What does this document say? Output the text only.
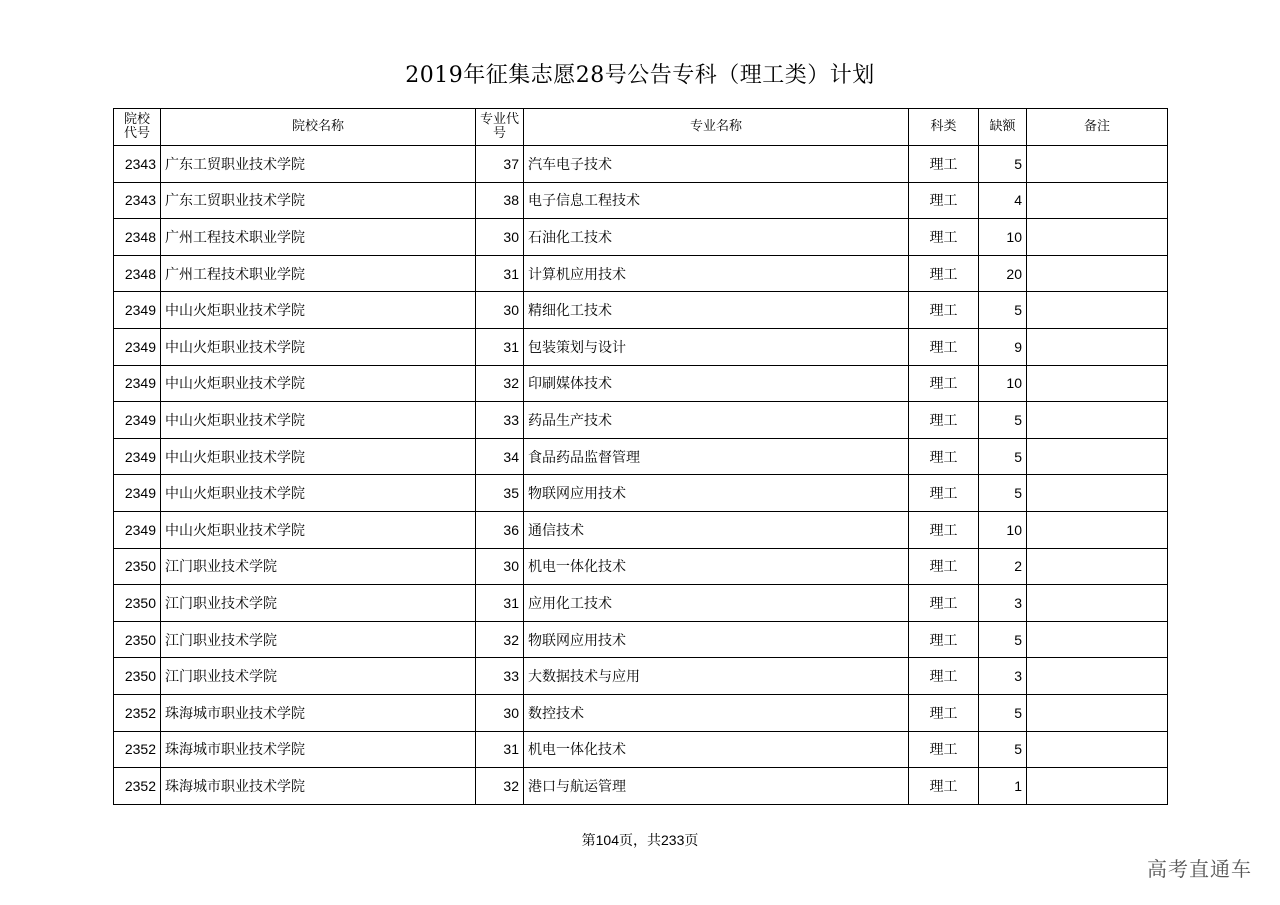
2019年征集志愿28号公告专科（理工类）计划
院校代号	院校名称	专业代号	专业名称	科类	缺额	备注
2343	广东工贸职业技术学院	37	汽车电子技术	理工	5	
2343	广东工贸职业技术学院	38	电子信息工程技术	理工	4	
2348	广州工程技术职业学院	30	石油化工技术	理工	10	
2348	广州工程技术职业学院	31	计算机应用技术	理工	20	
2349	中山火炬职业技术学院	30	精细化工技术	理工	5	
2349	中山火炬职业技术学院	31	包装策划与设计	理工	9	
2349	中山火炬职业技术学院	32	印刷媒体技术	理工	10	
2349	中山火炬职业技术学院	33	药品生产技术	理工	5	
2349	中山火炬职业技术学院	34	食品药品监督管理	理工	5	
2349	中山火炬职业技术学院	35	物联网应用技术	理工	5	
2349	中山火炬职业技术学院	36	通信技术	理工	10	
2350	江门职业技术学院	30	机电一体化技术	理工	2	
2350	江门职业技术学院	31	应用化工技术	理工	3	
2350	江门职业技术学院	32	物联网应用技术	理工	5	
2350	江门职业技术学院	33	大数据技术与应用	理工	3	
2352	珠海城市职业技术学院	30	数控技术	理工	5	
2352	珠海城市职业技术学院	31	机电一体化技术	理工	5	
2352	珠海城市职业技术学院	32	港口与航运管理	理工	1	
第104页，共233页
高考直通车
